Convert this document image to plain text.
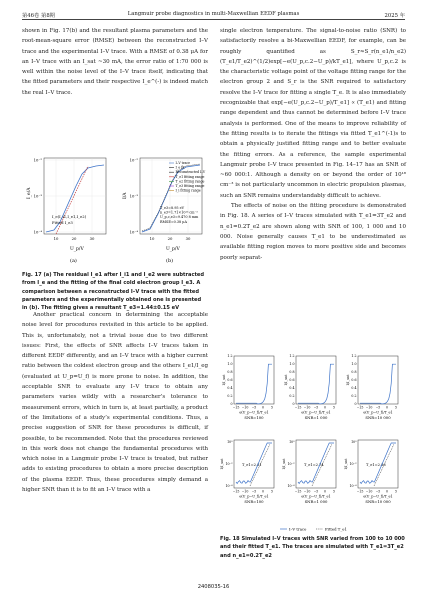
第46卷 第8期	Langmuir probe diagnostics in multi-Maxwellian EEDF plasmas	2025 年

shown in Fig. 17(b) and the resultant plasma parameters and the root-mean-square error (RMSE) between the reconstructed I–V trace and the experimental I–V trace. With a RMSE of 0.38 μA for an I–V trace with an I_sat ~30 mA, the error ratio of 1:70 000 is well within the noise level of the I–V trace itself, indicating that the fitted parameters and their respective I_e^(-) is indeed match the real I–V trace.

I_e/A
U_p/V
10⁻²
10⁻³
10⁻⁴
10	20	30
I_e(I_i1,I_e1,I_e2)
Fitted I_e3
I/A
U_p/V
10⁻²
10⁻³
10⁻⁴
10	20	30
I–V trace
I_e fit
Reconstructed I–V
T_e1 fitting range
T_e2 fitting range
T_e3 fitting range
I_i fitting range
T_e3=8.95 eV
n_e3=1.71×10¹⁶ cm⁻³
U_p,c,e3=9.470 8 mm
RMSE=0.38 μA
(a)	(b)

Fig. 17 (a) The residual I_e1 after I_i1 and I_e2 were subtracted from I_e and the fitting of the final cold electron group I_e3. A comparison between a reconstructed I–V trace with the fitted parameters and the experimentally obtained one is presented in (b). The fitting gives a resultant T_e3=1.44±0.15 eV

Another practical concern in determining the acceptable noise level for procedures revisited in this article to be applied. This is, unfortunately, not a trivial issue due to two different issues: First, the effects of SNR affects I–V traces taken in different EEDF differently, and an I–V trace with a higher current ratio between the coldest electron group and the others I_e1/I_eg (evaluated at U_p=U_f) is more prone to noise. In addition, the acceptable SNR to evaluate any I–V trace to obtain any parameters varies wildly with a researcher’s tolerance to measurement errors, which in turn is, at least partially, a product of the limitations of a study’s experimental conditions. Thus, a precise suggestion of SNR for these procedures is difficult, if possible, to be recommended. Note that the procedures reviewed in this work does not change the fundamental procedures with which noise in a Langmuir probe I–V trace is treated, but rather adds to existing procedures to obtain a more precise description of the plasma EEDF. Thus, these procedures simply demand a higher SNR than it is to fit an I–V trace with a

single electron temperature. The signal-to-noise ratio (SNR) to satisfactorily resolve a bi-Maxwellian EEDF, for example, can be roughly quantified as S_r≈S_r(n_e1/n_e2)(T_e1/T_e2)^(1/2)exp[−e(U_p,c.2−U_p)/kT_e1], where U_p,c.2 is the characteristic voltage point of the voltage fitting range for the electron group 2 and S_r is the SNR required to satisfactory resolve the I–V trace for fitting a single T_e. It is also immediately recognizable that exp[−e(U_p,c.2−U_p)/T_e1] ∝ (T_e1) and fitting range dependent and thus cannot be determined before I–V trace analysis is performed. One of the means to improve reliability of the fitting results is to iterate the fittings via fitted T_e1^(-1)s to obtain a physically justified fitting range and to better evaluate the fitting errors. As a reference, the sample experimental Langmuir probe I–V trace presented in Fig. 14–17 has an SNR of ~60 000:1. Although a density on or beyond the order of 10¹⁸ cm⁻³ is not particularly uncommon in electric propulsion plasmas, such an SNR remains understandably difficult to achieve.

The effects of noise on the fitting procedure is demonstrated in Fig. 18. A series of I–V traces simulated with T_e1=3T_e2 and n_e1=0.2T_e2 are shown along with SNR of 100, 1 000 and 10 000. Noise generally causes T_e1 to be underestimated as available fitting region moves to more positive side and becomes poorly separat-

0
0.2
0.4
0.6
0.8
1.0
1.2
−15 −10 −5 0 5
e(U_p−U_f)/T_e1
SNR=100
I/I_sat
0
0.2
0.4
0.6
0.8
1.0
1.2
−15 −10 −5 0 5
e(U_p−U_f)/T_e1
SNR=1 000
I/I_sat
0
0.2
0.4
0.6
0.8
1.0
1.2
−15 −10 −5 0 5
e(U_p−U_f)/T_e1
SNR=10 000
I/I_sat
10⁰
10⁻²
10⁻⁴
−15 −10 −5 0 5
e(U_p−U_f)/T_e1
SNR=100
I/I_sat	T_e1=2.81
10⁰
10⁻²
10⁻⁴
−15 −10 −5 0 5
e(U_p−U_f)/T_e1
SNR=1 000
I/I_sat	T_e1=2.74
10⁰
10⁻²
10⁻⁴
−15 −10 −5 0 5
e(U_p−U_f)/T_e1
SNR=10 000
I/I_sat	T_e1=2.86
I–V trace	Fitted T_e1

Fig. 18 Simulated I–V traces with SNR varied from 100 to 10 000 and their fitted T_e1. The traces are simulated with T_e1=3T_e2 and n_e1=0.2T_e2

2408035-16
